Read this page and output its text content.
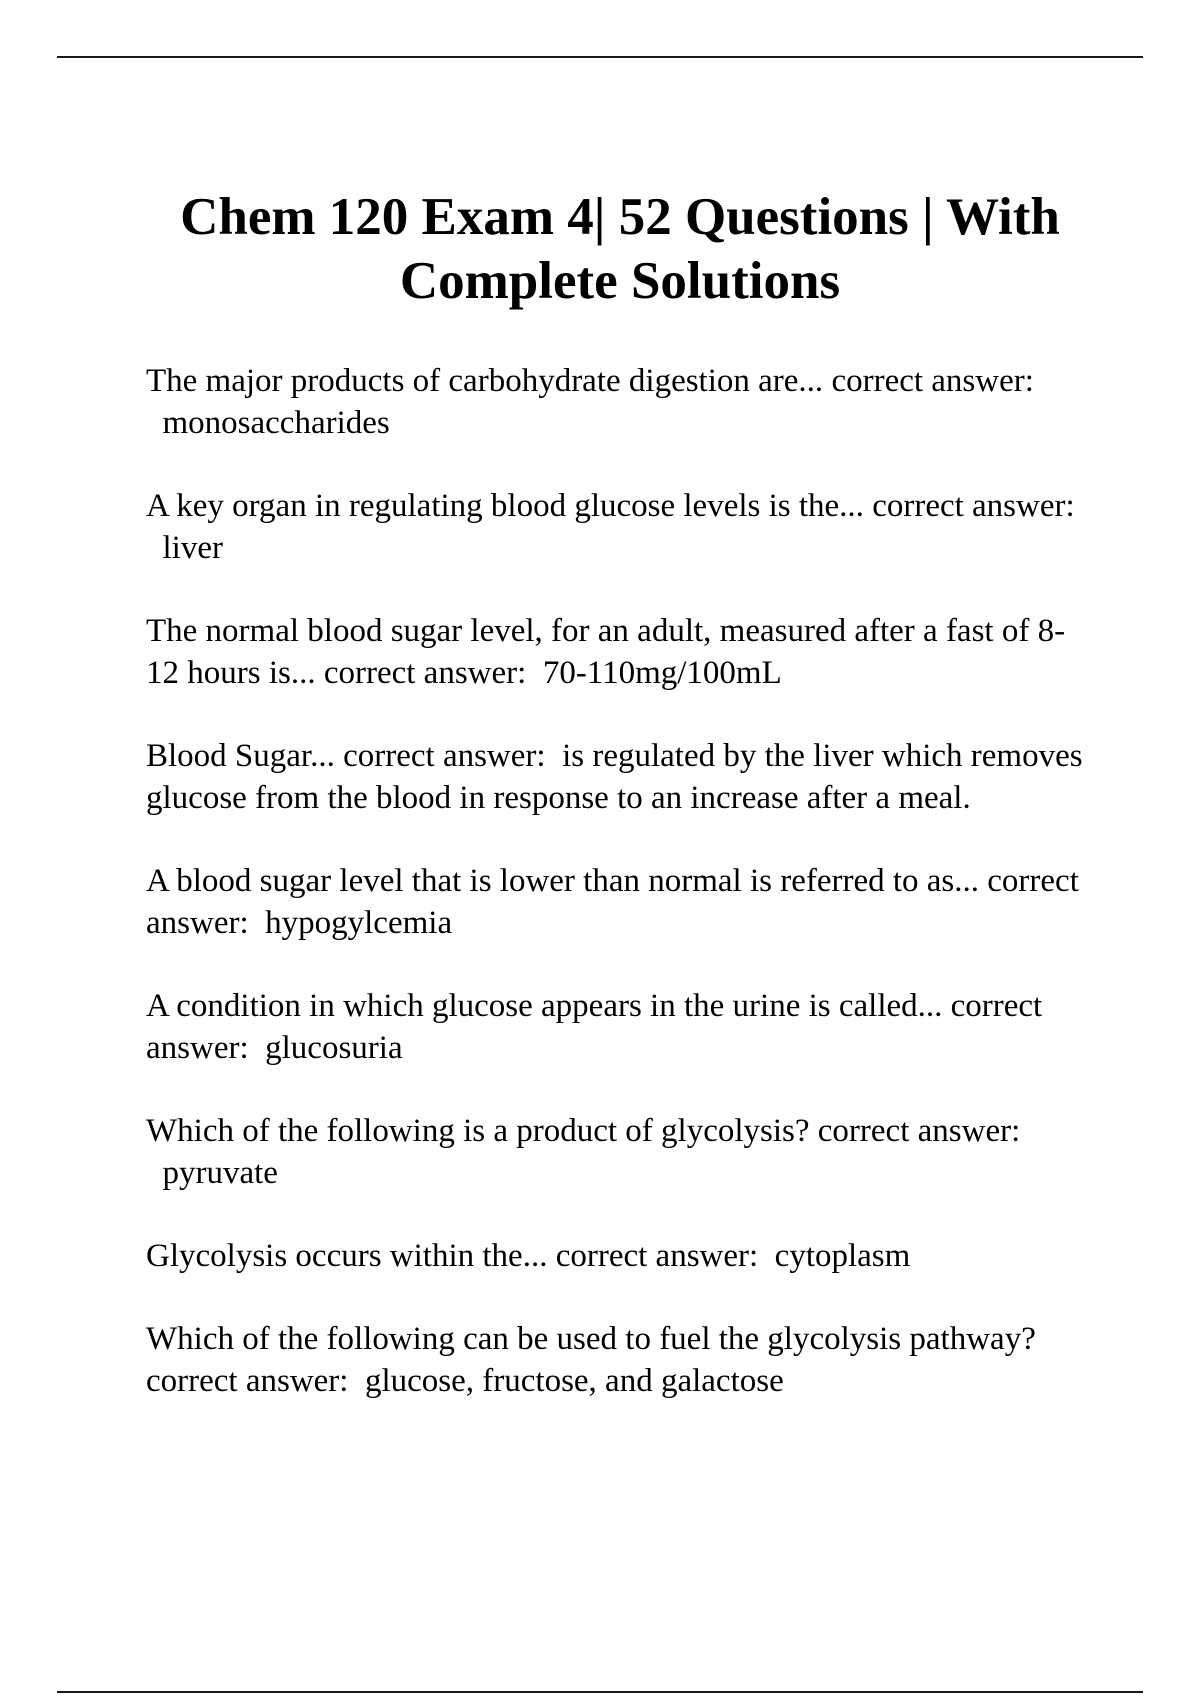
Chem 120 Exam 4| 52 Questions | With Complete Solutions
The major products of carbohydrate digestion are... correct answer:  monosaccharides
A key organ in regulating blood glucose levels is the... correct answer:  liver
The normal blood sugar level, for an adult, measured after a fast of 8-12 hours is... correct answer: 70-110mg/100mL
Blood Sugar... correct answer: is regulated by the liver which removes glucose from the blood in response to an increase after a meal.
A blood sugar level that is lower than normal is referred to as... correct answer: hypogylcemia
A condition in which glucose appears in the urine is called... correct answer: glucosuria
Which of the following is a product of glycolysis? correct answer:  pyruvate
Glycolysis occurs within the... correct answer: cytoplasm
Which of the following can be used to fuel the glycolysis pathway? correct answer: glucose, fructose, and galactose
